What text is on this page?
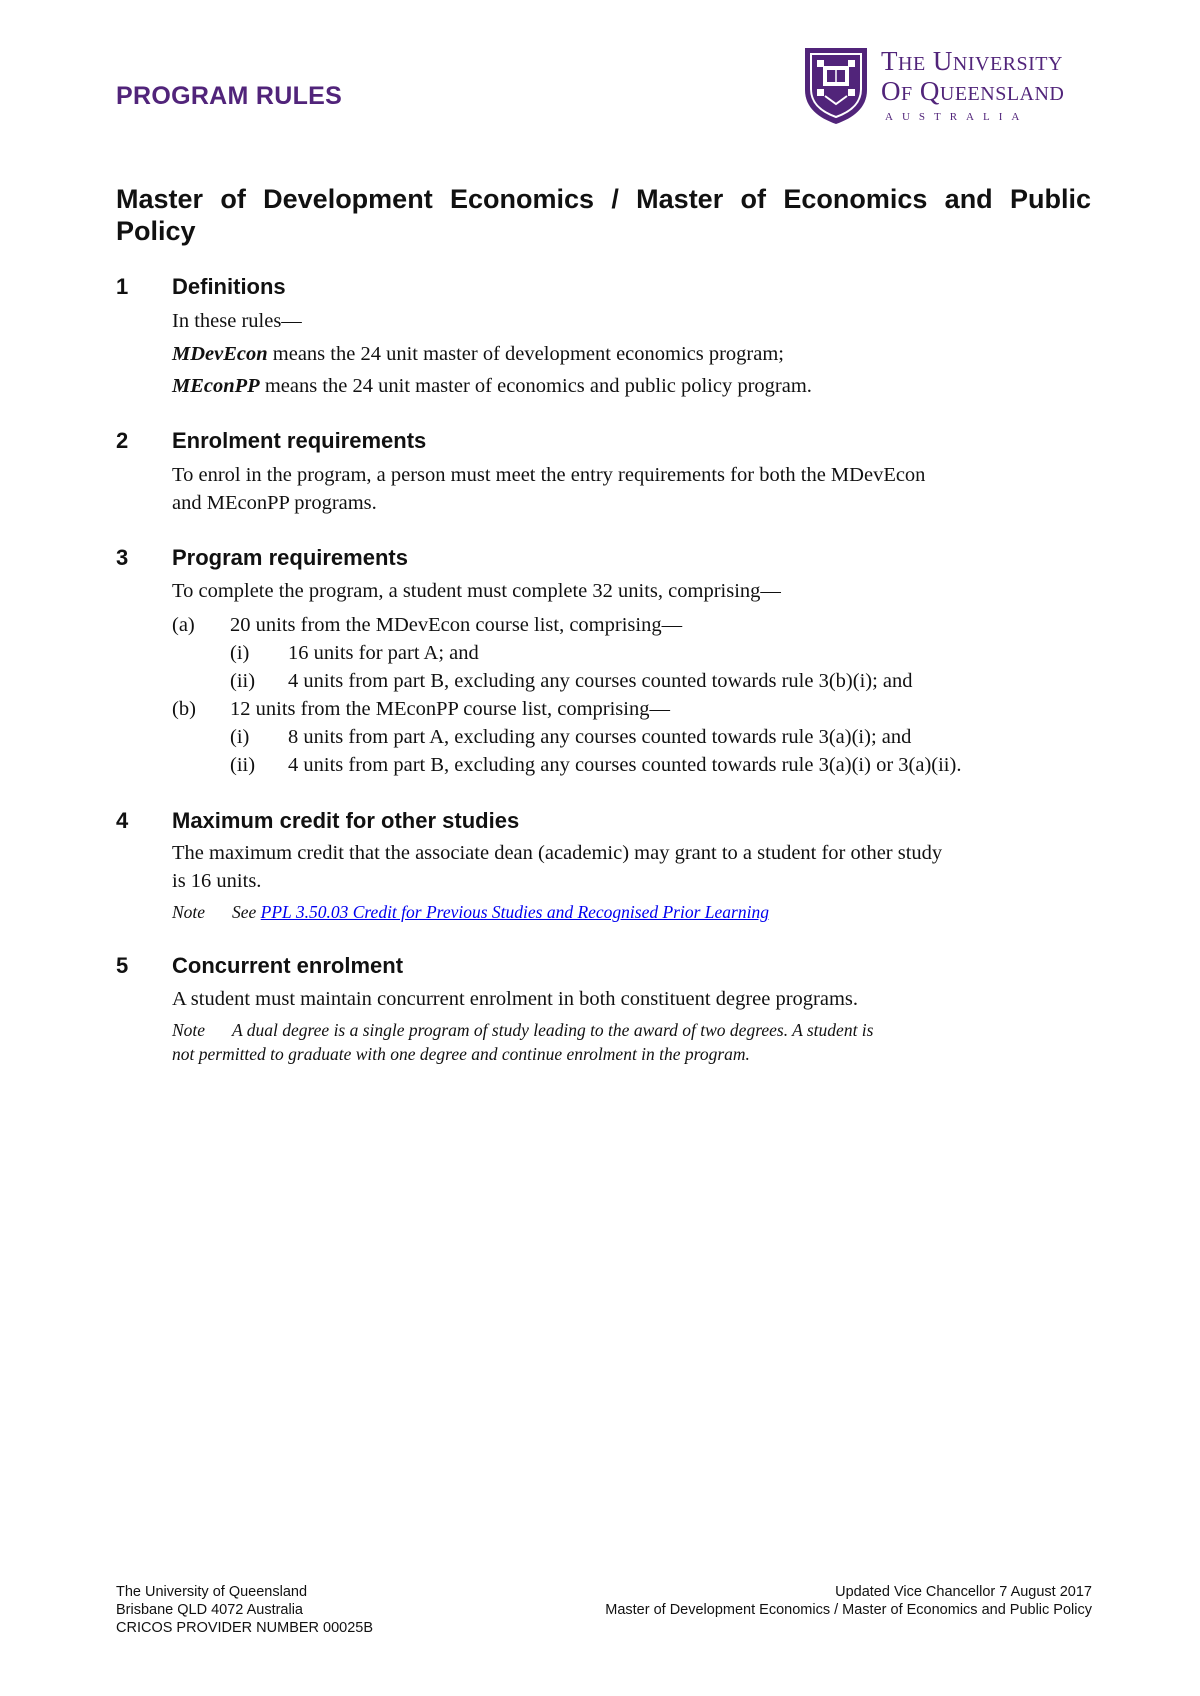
PROGRAM RULES
THE UNIVERSITY
OF QUEENSLAND
AUSTRALIA
Master of Development Economics / Master of Economics and Public
Policy
1 Definitions
In these rules—
MDevEcon means the 24 unit master of development economics program;
MEconPP means the 24 unit master of economics and public policy program.
2 Enrolment requirements
To enrol in the program, a person must meet the entry requirements for both the MDevEcon
and MEconPP programs.
3 Program requirements
To complete the program, a student must complete 32 units, comprising—
(a) 20 units from the MDevEcon course list, comprising—
(i) 16 units for part A; and
(ii) 4 units from part B, excluding any courses counted towards rule 3(b)(i); and
(b) 12 units from the MEconPP course list, comprising—
(i) 8 units from part A, excluding any courses counted towards rule 3(a)(i); and
(ii) 4 units from part B, excluding any courses counted towards rule 3(a)(i) or 3(a)(ii).
4 Maximum credit for other studies
The maximum credit that the associate dean (academic) may grant to a student for other study
is 16 units.
Note See PPL 3.50.03 Credit for Previous Studies and Recognised Prior Learning
5 Concurrent enrolment
A student must maintain concurrent enrolment in both constituent degree programs.
Note A dual degree is a single program of study leading to the award of two degrees. A student is
not permitted to graduate with one degree and continue enrolment in the program.
The University of Queensland
Brisbane QLD 4072 Australia
CRICOS PROVIDER NUMBER 00025B
Updated Vice Chancellor 7 August 2017
Master of Development Economics / Master of Economics and Public Policy
